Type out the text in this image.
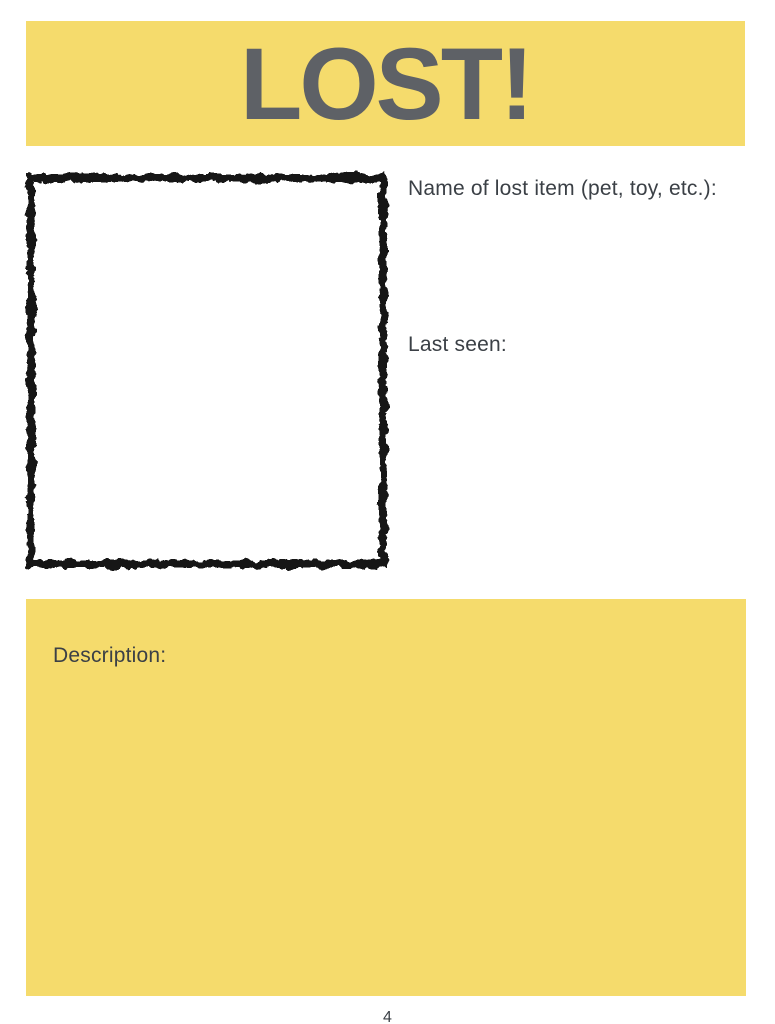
LOST!
Name of lost item (pet, toy, etc.):
Last seen:
Description:
4
